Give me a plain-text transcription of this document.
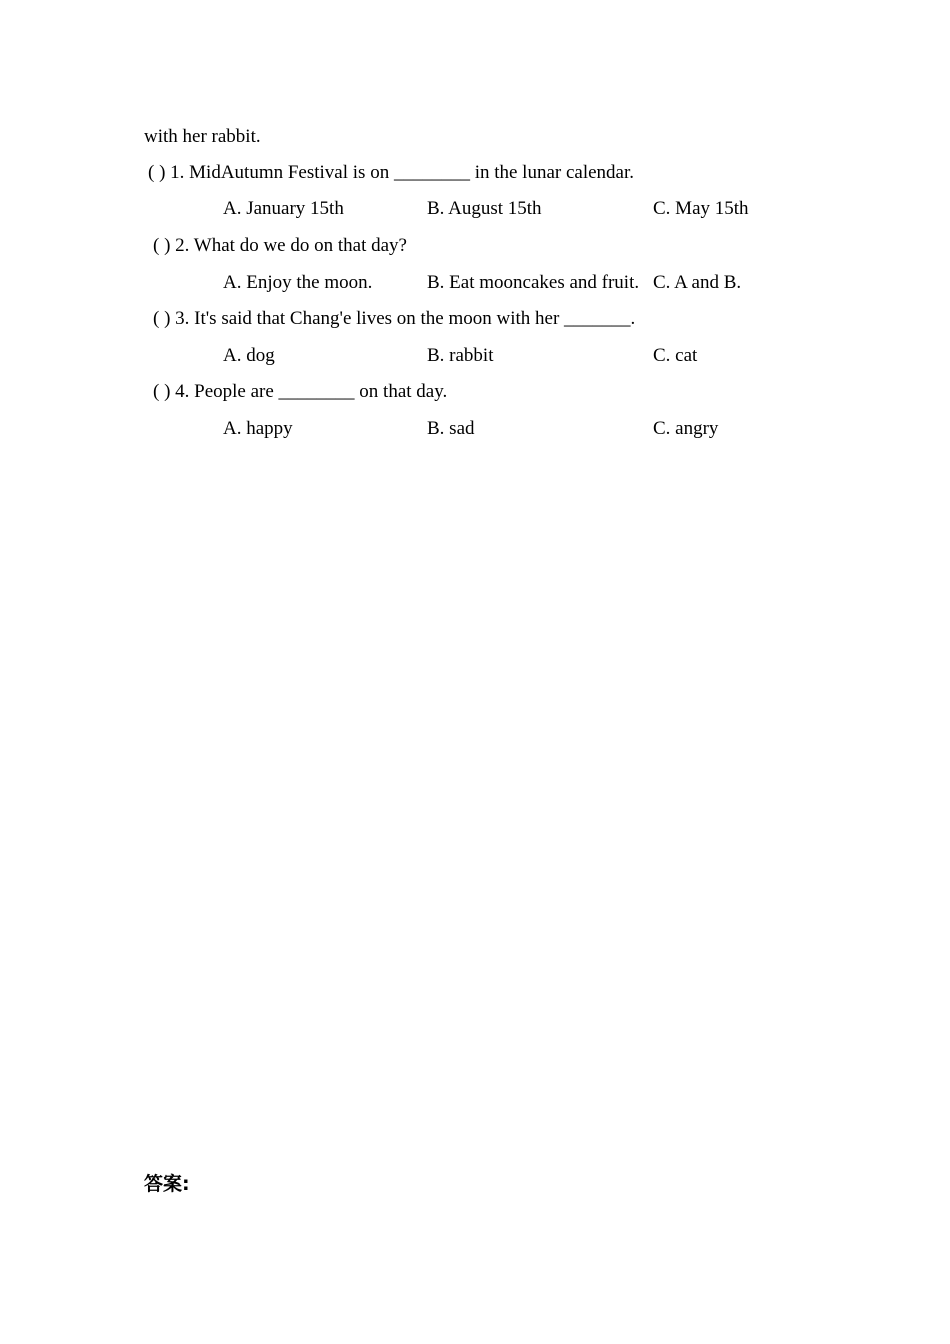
with her rabbit.
( ) 1. MidAutumn Festival is on ________ in the lunar calendar.
A. January 15th	B. August 15th	C. May 15th
( ) 2. What do we do on that day?
A. Enjoy the moon.	B. Eat mooncakes and fruit. C. A and B.
( ) 3. It's said that Chang'e lives on the moon with her _______.
A. dog	B. rabbit	C. cat
( ) 4. People are ________ on that day.
A. happy	B. sad	C. angry
答案:
